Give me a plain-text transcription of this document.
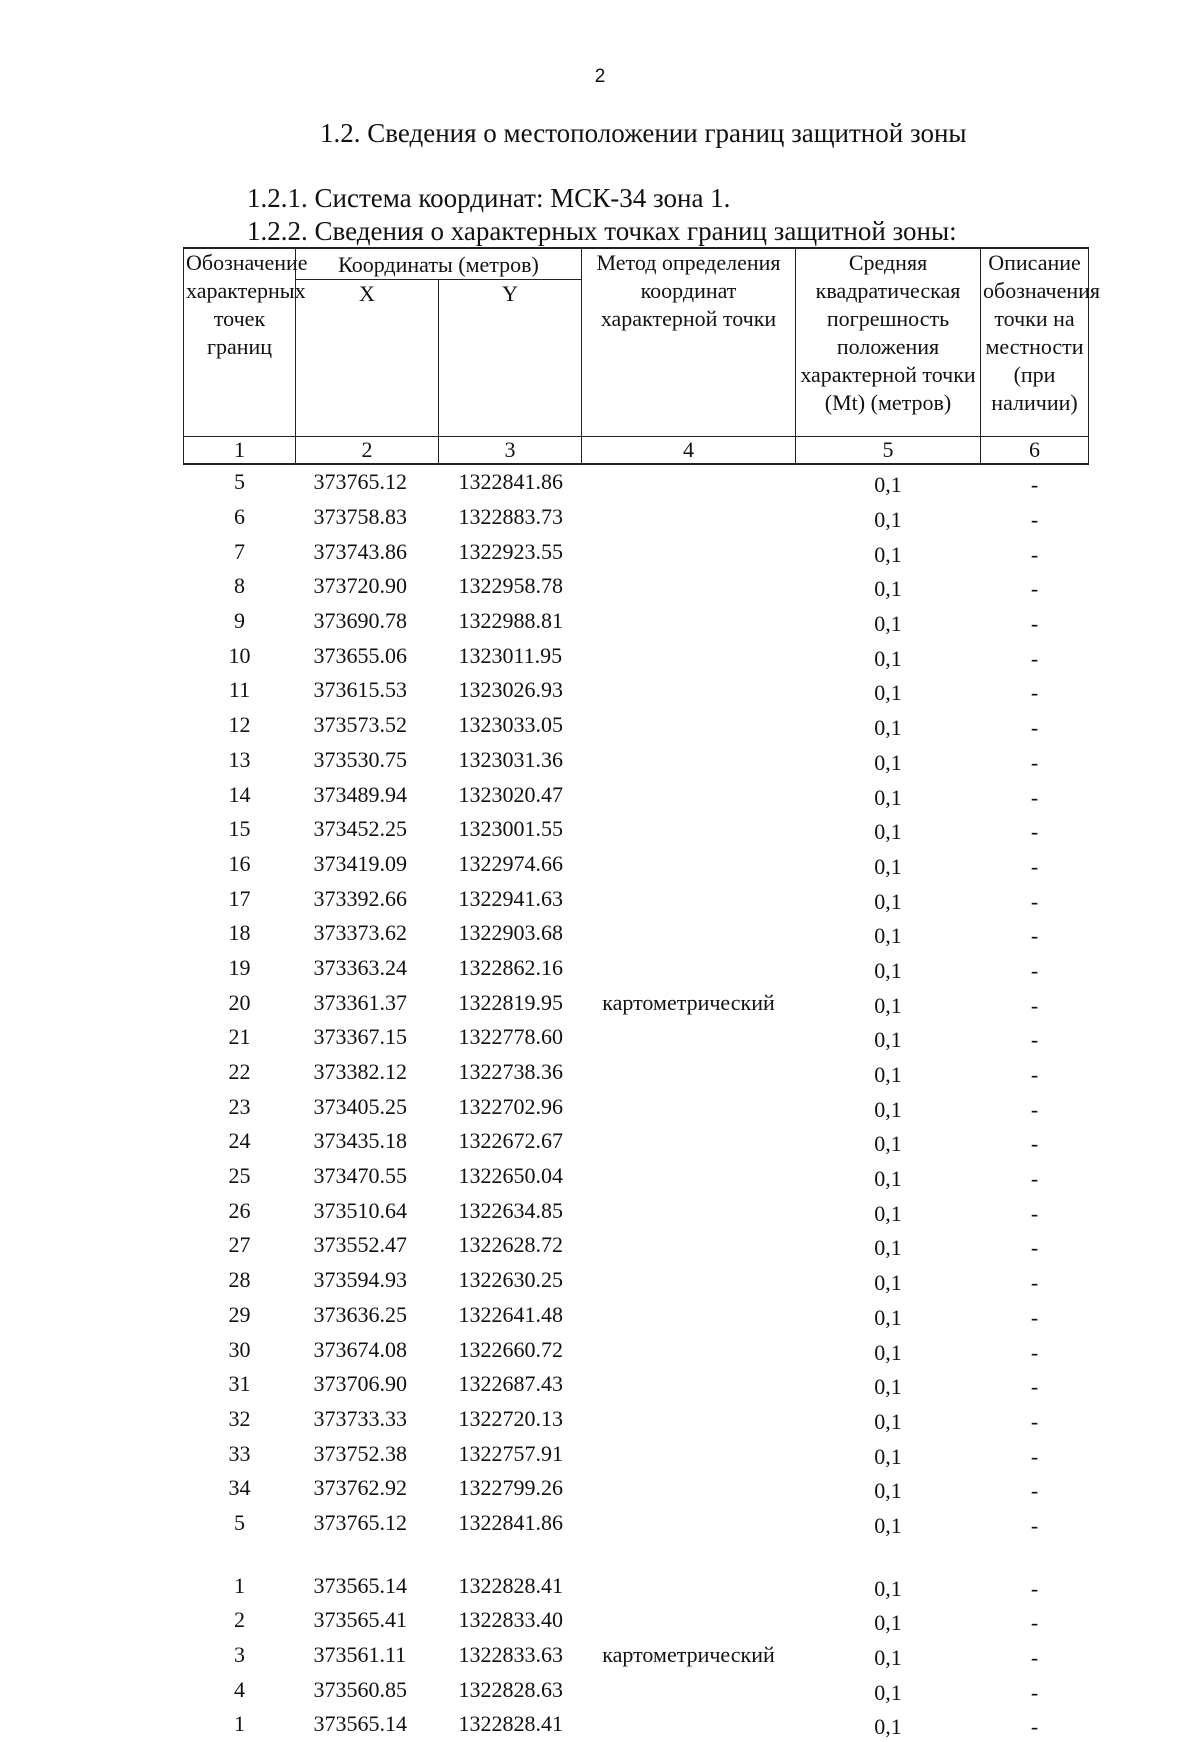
2
1.2. Сведения о местоположении границ защитной зоны
1.2.1. Система координат: МСК-34 зона 1.
1.2.2. Сведения о характерных точках границ защитной зоны:
Обозначение характерных точек границ	Координаты (метров)		Метод определения координат характерной точки	Средняя квадратическая погрешность положения характерной точки (Mt) (метров)	Описание обозначения точки на местности (при наличии)
	X	Y			
1	2	3	4	5	6
5	373765.12	1322841.86	картометрический	0,1	-
6	373758.83	1322883.73		0,1	-
7	373743.86	1322923.55		0,1	-
8	373720.90	1322958.78		0,1	-
9	373690.78	1322988.81		0,1	-
10	373655.06	1323011.95		0,1	-
11	373615.53	1323026.93		0,1	-
12	373573.52	1323033.05		0,1	-
13	373530.75	1323031.36		0,1	-
14	373489.94	1323020.47		0,1	-
15	373452.25	1323001.55		0,1	-
16	373419.09	1322974.66		0,1	-
17	373392.66	1322941.63		0,1	-
18	373373.62	1322903.68		0,1	-
19	373363.24	1322862.16		0,1	-
20	373361.37	1322819.95		0,1	-
21	373367.15	1322778.60		0,1	-
22	373382.12	1322738.36		0,1	-
23	373405.25	1322702.96		0,1	-
24	373435.18	1322672.67		0,1	-
25	373470.55	1322650.04		0,1	-
26	373510.64	1322634.85		0,1	-
27	373552.47	1322628.72		0,1	-
28	373594.93	1322630.25		0,1	-
29	373636.25	1322641.48		0,1	-
30	373674.08	1322660.72		0,1	-
31	373706.90	1322687.43		0,1	-
32	373733.33	1322720.13		0,1	-
33	373752.38	1322757.91		0,1	-
34	373762.92	1322799.26		0,1	-
5	373765.12	1322841.86		0,1	-

1	373565.14	1322828.41	картометрический	0,1	-
2	373565.41	1322833.40		0,1	-
3	373561.11	1322833.63		0,1	-
4	373560.85	1322828.63		0,1	-
1	373565.14	1322828.41		0,1	-
